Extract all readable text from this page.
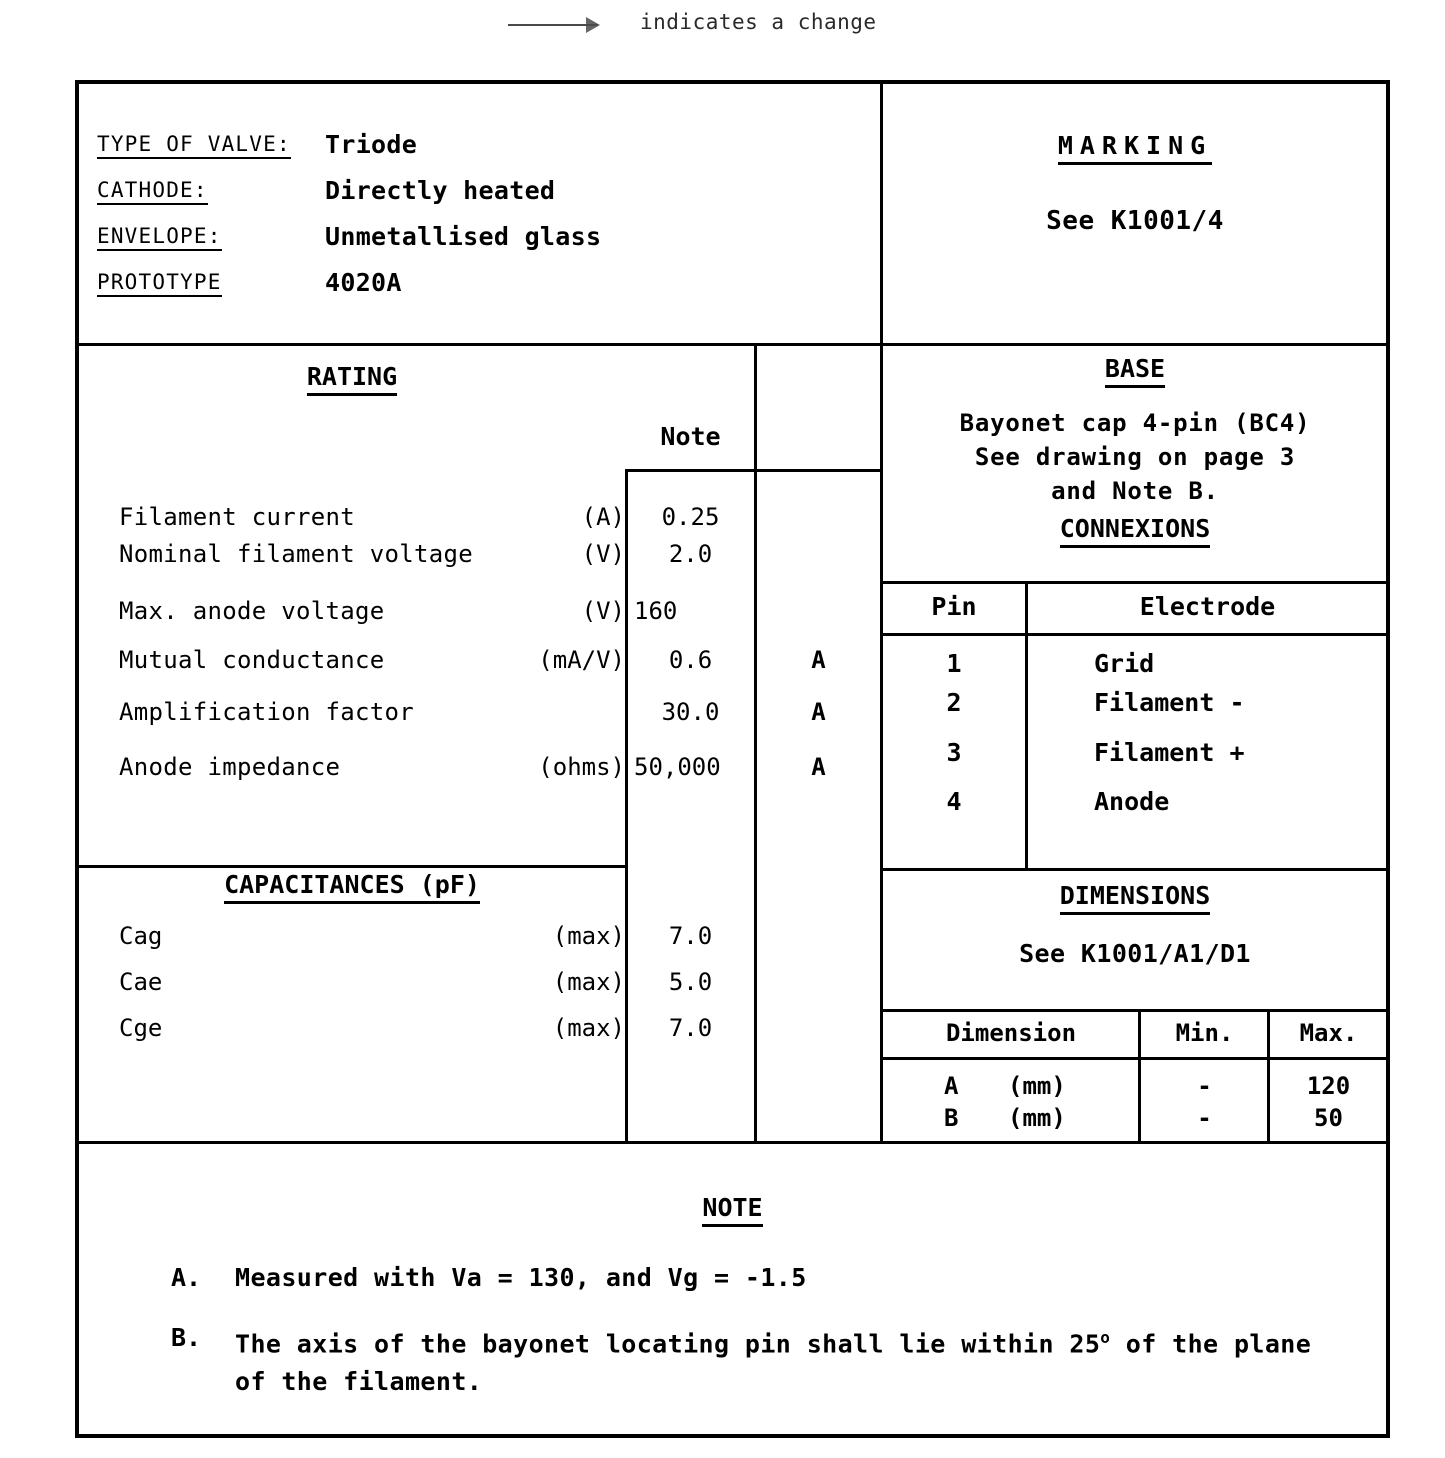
indicates a change
TYPE OF VALVE: Triode
CATHODE:	Directly heated
ENVELOPE:	Unmetallised glass
PROTOTYPE	4020A
MARKING
See K1001/4
RATING
Note
Filament current	(A)	0.25
Nominal filament voltage	(V)	2.0
Max. anode voltage	(V) 160
Mutual conductance	(mA/V)	0.6	A
Amplification factor	30.0	A
Anode impedance	(ohms) 50,000	A
CAPACITANCES (pF)
Cag	(max)	7.0
Cae	(max)	5.0
Cge	(max)	7.0
BASE
Bayonet cap 4-pin (BC4)
See drawing on page 3
and Note B.
CONNEXIONS
Pin	Electrode
1	Grid
2	Filament -
3	Filament +
4	Anode
DIMENSIONS
See K1001/A1/D1
Dimension	Min.	Max.
A (mm)	-	120
B (mm)	-	50
NOTE
A. Measured with Va = 130, and Vg = -1.5
B. The axis of the bayonet locating pin shall lie within 25$^o$ of the plane of the filament.
